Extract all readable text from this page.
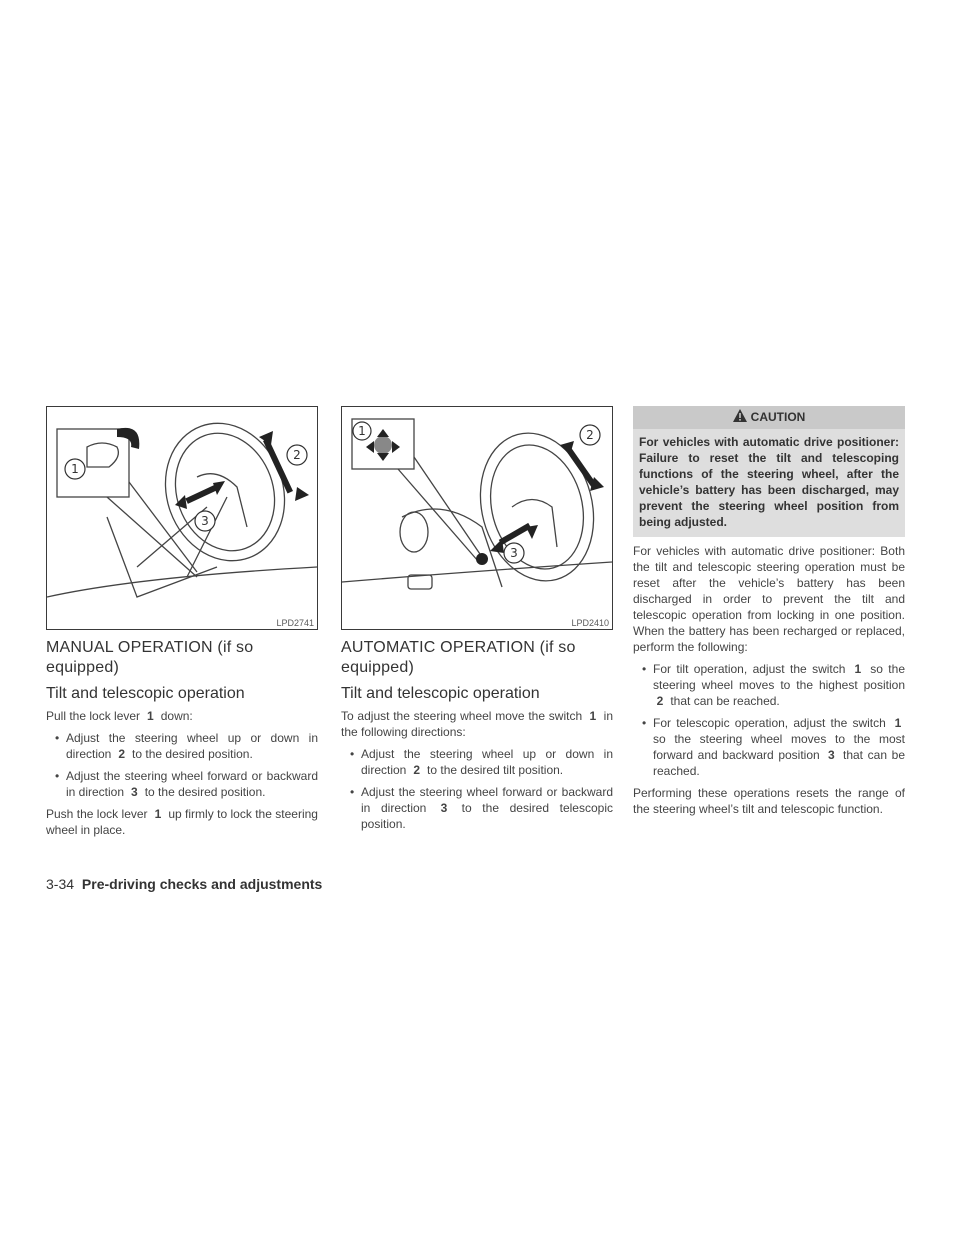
1
2
3
LPD2741
MANUAL OPERATION (if so equipped)
Tilt and telescopic operation

Pull the lock lever 1 down:

• Adjust the steering wheel up or down in direction 2 to the desired position.
• Adjust the steering wheel forward or backward in direction 3 to the desired position.

Push the lock lever 1 up firmly to lock the steering wheel in place.

1	2
3
LPD2410
AUTOMATIC OPERATION (if so equipped)
Tilt and telescopic operation

To adjust the steering wheel move the switch 1 in the following directions:

• Adjust the steering wheel up or down in direction 2 to the desired tilt position.
• Adjust the steering wheel forward or backward in direction 3 to the desired telescopic position.
CAUTION
For vehicles with automatic drive positioner: Failure to reset the tilt and telescoping functions of the steering wheel, after the vehicle’s battery has been discharged, may prevent the steering wheel position from being adjusted.

For vehicles with automatic drive positioner: Both the tilt and telescopic steering operation must be reset after the vehicle’s battery has been discharged in order to prevent the tilt and telescopic operation from locking in one position. When the battery has been recharged or replaced, perform the following:

• For tilt operation, adjust the switch 1 so the steering wheel moves to the highest position 2 that can be reached.
• For telescopic operation, adjust the switch 1 so the steering wheel moves to the most forward and backward position 3 that can be reached.

Performing these operations resets the range of the steering wheel’s tilt and telescopic function.

3-34 Pre-driving checks and adjustments
